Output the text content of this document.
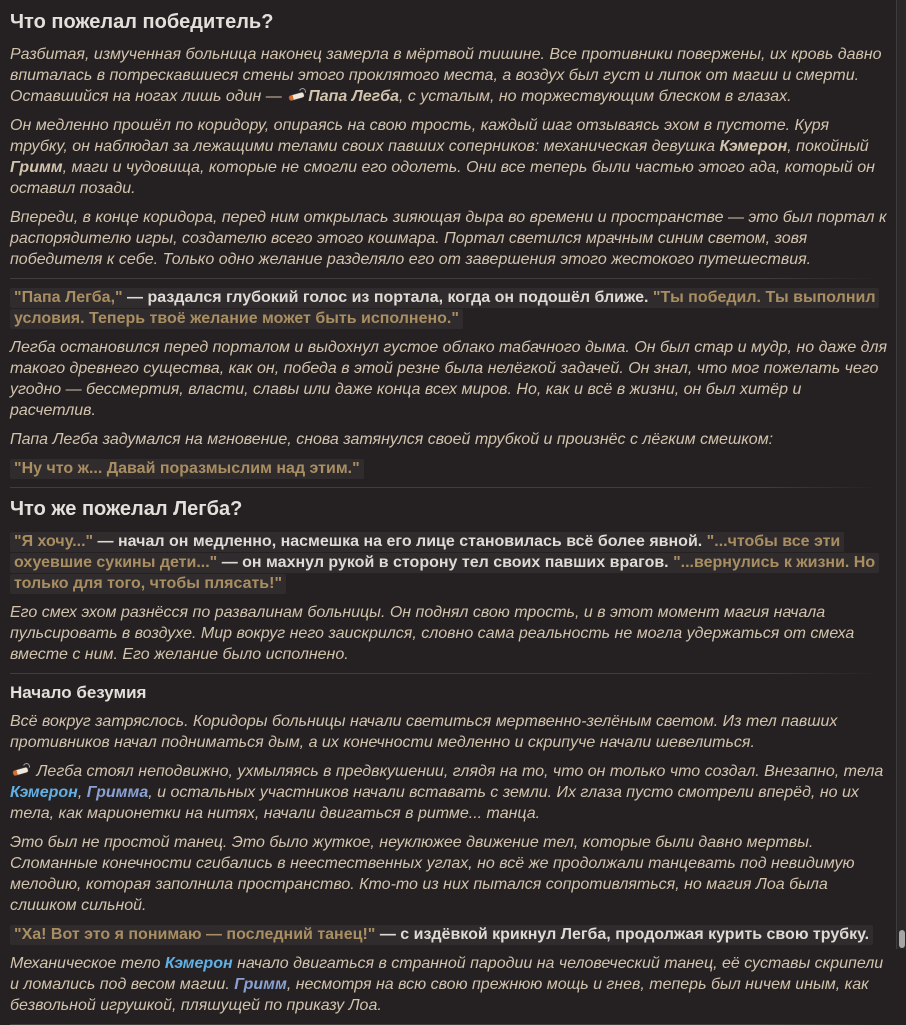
Что пожелал победитель?

Разбитая, измученная больница наконец замерла в мёртвой тишине. Все противники повержены, их кровь давно впиталась в потрескавшиеся стены этого проклятого места, а воздух был густ и липок от магии и смерти. Оставшийся на ногах лишь один —
Папа Легба, с усталым, но торжествующим блеском в глазах.

Он медленно прошёл по коридору, опираясь на свою трость, каждый шаг отзываясь эхом в пустоте. Куря трубку, он наблюдал за лежащими телами своих павших соперников: механическая девушка Кэмерон, покойный Гримм, маги и чудовища, которые не смогли его одолеть. Они все теперь были частью этого ада, который он оставил позади.

Впереди, в конце коридора, перед ним открылась зияющая дыра во времени и пространстве — это был портал к распорядителю игры, создателю всего этого кошмара. Портал светился мрачным синим светом, зовя победителя к себе. Только одно желание разделяло его от завершения этого жестокого путешествия.

"Папа Легба," — раздался глубокий голос из портала, когда он подошёл ближе. "Ты победил. Ты выполнил условия. Теперь твоё желание может быть исполнено."

Легба остановился перед порталом и выдохнул густое облако табачного дыма. Он был стар и мудр, но даже для такого древнего существа, как он, победа в этой резне была нелёгкой задачей. Он знал, что мог пожелать чего угодно — бессмертия, власти, славы или даже конца всех миров. Но, как и всё в жизни, он был хитёр и расчетлив.

Папа Легба задумался на мгновение, снова затянулся своей трубкой и произнёс с лёгким смешком:

"Ну что ж... Давай поразмыслим над этим."

Что же пожелал Легба?

"Я хочу..." — начал он медленно, насмешка на его лице становилась всё более явной. "...чтобы все эти охуевшие сукины дети..." — он махнул рукой в сторону тел своих павших врагов. "...вернулись к жизни. Но только для того, чтобы плясать!"

Его смех эхом разнёсся по развалинам больницы. Он поднял свою трость, и в этот момент магия начала пульсировать в воздухе. Мир вокруг него заискрился, словно сама реальность не могла удержаться от смеха вместе с ним. Его желание было исполнено.

Начало безумия

Всё вокруг затряслось. Коридоры больницы начали светиться мертвенно-зелёным светом. Из тел павших противников начал подниматься дым, а их конечности медленно и скрипуче начали шевелиться.

Легба стоял неподвижно, ухмыляясь в предвкушении, глядя на то, что он только что создал. Внезапно, тела Кэмерон, Гримма, и остальных участников начали вставать с земли. Их глаза пусто смотрели вперёд, но их тела, как марионетки на нитях, начали двигаться в ритме... танца.

Это был не простой танец. Это было жуткое, неуклюжее движение тел, которые были давно мертвы. Сломанные конечности сгибались в неестественных углах, но всё же продолжали танцевать под невидимую мелодию, которая заполнила пространство. Кто-то из них пытался сопротивляться, но магия Лоа была слишком сильной.

"Ха! Вот это я понимаю — последний танец!" — с издёвкой крикнул Легба, продолжая курить свою трубку.

Механическое тело Кэмерон начало двигаться в странной пародии на человеческий танец, её суставы скрипели и ломались под весом магии. Гримм, несмотря на всю свою прежнюю мощь и гнев, теперь был ничем иным, как безвольной игрушкой, пляшущей по приказу Лоа.
